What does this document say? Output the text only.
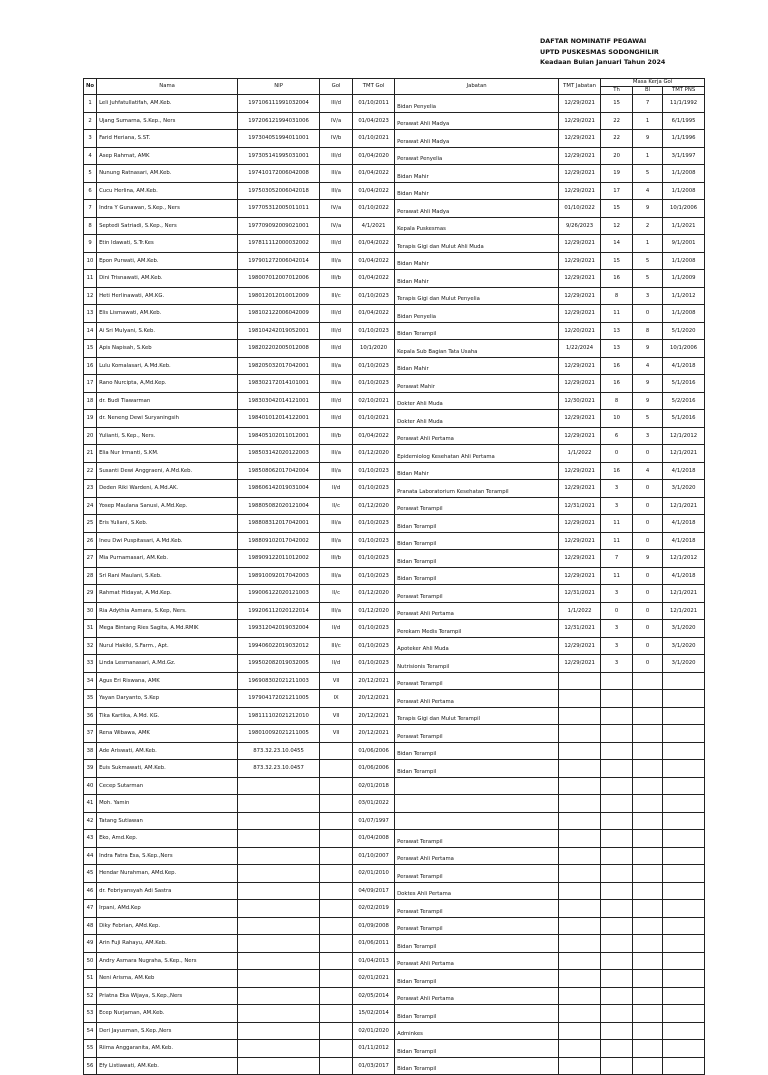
DAFTAR NOMINATIF PEGAWAI
UPTD PUSKESMAS SODONGHILIR
Keadaan Bulan Januari Tahun 2024
No	Nama	NIP	Gol	TMT Gol	Jabatan	TMT Jabatan	Masa Kerja Gol		
							Th	Bl	TMT PNS
1	Leli Juhfatullatifah, AM.Keb.	197106111991032004	III/d	01/10/2011	Bidan Penyelia	12/29/2021	15	7	11/1/1992
2	Ujang Sumarna, S.Kep., Ners	197206121994031006	IV/a	01/04/2023	Perawat Ahli Madya	12/29/2021	22	1	6/1/1995
3	Farid Heriana, S.ST.	197304051994011001	IV/b	01/10/2021	Perawat Ahli Madya	12/29/2021	22	9	1/1/1996
4	Asep Rahmat, AMK	197305141995031001	III/d	01/04/2020	Perawat Penyelia	12/29/2021	20	1	3/1/1997
5	Nunung Ratnasari, AM.Keb.	197410172006042008	III/a	01/04/2022	Bidan Mahir	12/29/2021	19	5	1/1/2008
6	Cucu Herlina, AM.Keb.	197503052006042018	III/a	01/04/2022	Bidan Mahir	12/29/2021	17	4	1/1/2008
7	Indra Y Gunawan, S.Kep., Ners	197705312005011011	IV/a	01/10/2022	Perawat Ahli Madya	01/10/2022	15	9	10/1/2006
8	Septedi Satriadi, S.Kep., Ners	197709092009021001	IV/a	4/1/2021	Kepala Puskesmas	9/26/2023	12	2	1/1/2021
9	Etin Idawati, S.Tr.Kes	197811112000032002	III/d	01/04/2022	Terapis Gigi dan Mulut Ahli Muda	12/29/2021	14	1	9/1/2001
10	Epon Purwati, AM.Keb.	197901272006042014	III/a	01/04/2022	Bidan Mahir	12/29/2021	15	5	1/1/2008
11	Dini Trisnawati, AM.Keb.	198007012007012006	III/b	01/04/2022	Bidan Mahir	12/29/2021	16	5	1/1/2009
12	Heti Herlinawati, AM.KG.	198012012010012009	III/c	01/10/2023	Terapis Gigi dan Mulut Penyelia	12/29/2021	8	3	1/1/2012
13	Elis Lismawati, AM.Keb.	198102122006042009	III/d	01/04/2022	Bidan Penyelia	12/29/2021	11	0	1/1/2008
14	Ai Sri Mulyani, S.Keb.	198104242019052001	III/d	01/10/2023	Bidan Terampil	12/20/2021	13	8	5/1/2020
15	Apis Napisah, S.Keb	198202202005012008	III/d	10/1/2020	Kepala Sub Bagian Tata Usaha	1/22/2024	13	9	10/1/2006
16	Lulu Komalasari, A.Md.Keb.	198205032017042001	III/a	01/10/2023	Bidan Mahir	12/29/2021	16	4	4/1/2018
17	Rano Nurcipta, A,Md.Kep.	198302172014101001	III/a	01/10/2023	Perawat Mahir	12/29/2021	16	9	5/1/2016
18	dr. Budi Tiawarman	198303042014121001	III/d	02/10/2021	Dokter Ahli Muda	12/30/2021	8	9	5/2/2016
19	dr. Neneng Dewi Suryaningsih	198401012014122001	III/d	01/10/2021	Dokter Ahli Muda	12/29/2021	10	5	5/1/2016
20	Yulianti, S.Kep., Ners.	198405102011012001	III/b	01/04/2022	Perawat Ahli Pertama	12/29/2021	6	3	12/1/2012
21	Elia Nur Irmanti, S.KM.	198503142020122003	III/a	01/12/2020	Epidemiolog Kesehatan Ahli Pertama	1/1/2022	0	0	12/1/2021
22	Susanti Dewi Anggraeni, A.Md.Keb.	198508062017042004	III/a	01/10/2023	Bidan Mahir	12/29/2021	16	4	4/1/2018
23	Deden Riki Wardeni, A.Md.AK.	198606142019031004	II/d	01/10/2023	Pranata Laboratorium Kesehatan Terampil	12/29/2021	3	0	3/1/2020
24	Yosep Maulana Sanusi, A.Md.Kep.	198805082020121004	II/c	01/12/2020	Perawat Terampil	12/31/2021	3	0	12/1/2021
25	Eris Yuliani, S.Keb.	198808312017042001	III/a	01/10/2023	Bidan Terampil	12/29/2021	11	0	4/1/2018
26	Ineu Dwi Puspitasari, A.Md.Keb.	198809102017042002	III/a	01/10/2023	Bidan Terampil	12/29/2021	11	0	4/1/2018
27	Mia Purnamasari, AM.Keb.	198909122011012002	III/b	01/10/2023	Bidan Terampil	12/29/2021	7	9	12/1/2012
28	Sri Rani Maulani, S.Keb.	198910092017042003	III/a	01/10/2023	Bidan Terampil	12/29/2021	11	0	4/1/2018
29	Rahmat Hidayat, A.Md.Kep.	199006122020121003	II/c	01/12/2020	Perawat Terampil	12/31/2021	3	0	12/1/2021
30	Ria Adythia Asmara, S.Kep, Ners.	199206112020122014	III/a	01/12/2020	Perawat Ahli Pertama	1/1/2022	0	0	12/1/2021
31	Mega Bintang Ries Sagita, A.Md.RMIK	199312042019032004	II/d	01/10/2023	Perekam Medis Terampil	12/31/2021	3	0	3/1/2020
32	Nurul Hakiki, S.Farm., Apt.	199406022019032012	III/c	01/10/2023	Apoteker Ahli Muda	12/29/2021	3	0	3/1/2020
33	Linda Lesmanasari, A.Md.Gz.	199502082019032005	II/d	01/10/2023	Nutrisionis Terampil	12/29/2021	3	0	3/1/2020
34	Agus Eri Riswana, AMK	196908302021211003	VII	20/12/2021	Perawat Terampil				
35	Yayan Daryanto, S.Kep	197904172021211005	IX	20/12/2021	Perawat Ahli Pertama				
36	Tika Kartika, A.Md. KG.	198111102021212010	VII	20/12/2021	Terapis Gigi dan Mulut Terampil				
37	Rena Wibawa, AMK	198010092021211005	VII	20/12/2021	Perawat Terampil				
38	Ade Ariswati, AM.Keb.	873.32.23.10.0455		01/06/2006	Bidan Terampil				
39	Euis Sukmawati, AM.Keb.	873.32.23.10.0457		01/06/2006	Bidan Terampil				
40	Cecep Sutarman			02/01/2018					
41	Moh. Yamin			03/01/2022					
42	Tatang Sutiawan			01/07/1997					
43	Eko, Amd.Kep.			01/04/2008	Perawat Terampil				
44	Indra Fatra Esa, S.Kep.,Ners			01/10/2007	Perawat Ahli Pertama				
45	Hendar Nurahman, AMd.Kep.			02/01/2010	Perawat Terampil				
46	dr. Febriyansyah Adi Sastra			04/09/2017	Doktes Ahli Pertama				
47	Irpani, AMd.Kep			02/02/2019	Perawat Terampil				
48	Diky Febrian, AMd.Kep.			01/09/2008	Perawat Terampil				
49	Arin Fuji Rahayu, AM.Keb.			01/06/2011	Bidan Terampil				
50	Andry Asmara Nugraha, S.Kep., Ners			01/04/2013	Perawat Ahli Pertama				
51	Neni Arisma, AM.Keb			02/01/2021	Bidan Terampil				
52	Priatna Eka Wijaya, S.Kep.,Ners			02/05/2014	Perawat Ahli Pertama				
53	Ecep Nurjaman, AM.Keb.			15/02/2014	Bidan Terampil				
54	Deri Jayusman, S.Kep.,Ners			02/01/2020	Adminkes				
55	Riima Anggaranita, AM.Keb.			01/11/2012	Bidan Terampil				
56	Efy Listiawati, AM.Keb.			01/03/2017	Bidan Terampil				
